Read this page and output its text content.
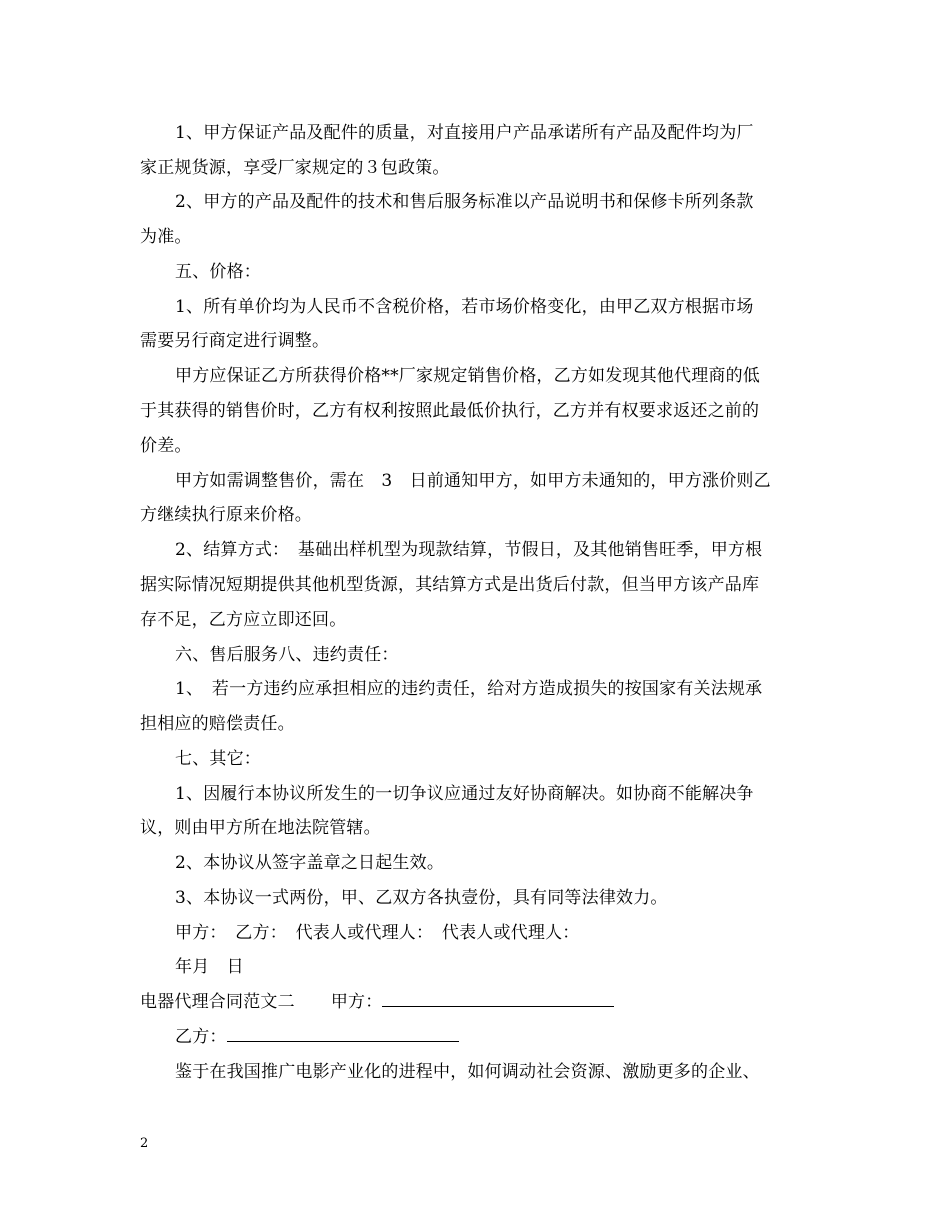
1、甲方保证产品及配件的质量，对直接用户产品承诺所有产品及配件均为厂
家正规货源，享受厂家规定的３包政策。
2、甲方的产品及配件的技术和售后服务标准以产品说明书和保修卡所列条款
为准。
五、价格：
1、所有单价均为人民币不含税价格，若市场价格变化，由甲乙双方根据市场
需要另行商定进行调整。
甲方应保证乙方所获得价格**厂家规定销售价格，乙方如发现其他代理商的低
于其获得的销售价时，乙方有权利按照此最低价执行，乙方并有权要求返还之前的
价差。
甲方如需调整售价，需在　3　日前通知甲方，如甲方未通知的，甲方涨价则乙
方继续执行原来价格。
2、结算方式：　基础出样机型为现款结算，节假日，及其他销售旺季，甲方根
据实际情况短期提供其他机型货源，其结算方式是出货后付款，但当甲方该产品库
存不足，乙方应立即还回。
六、售后服务八、违约责任：
1、　若一方违约应承担相应的违约责任，给对方造成损失的按国家有关法规承
担相应的赔偿责任。
七、其它：
1、因履行本协议所发生的一切争议应通过友好协商解决。如协商不能解决争
议，则由甲方所在地法院管辖。
2、本协议从签字盖章之日起生效。
3、本协议一式两份，甲、乙双方各执壹份，具有同等法律效力。
甲方：　乙方：　代表人或代理人：　代表人或代理人：
年月　日
电器代理合同范文二 甲方：
乙方：
鉴于在我国推广电影产业化的进程中，如何调动社会资源、激励更多的企业、
2
